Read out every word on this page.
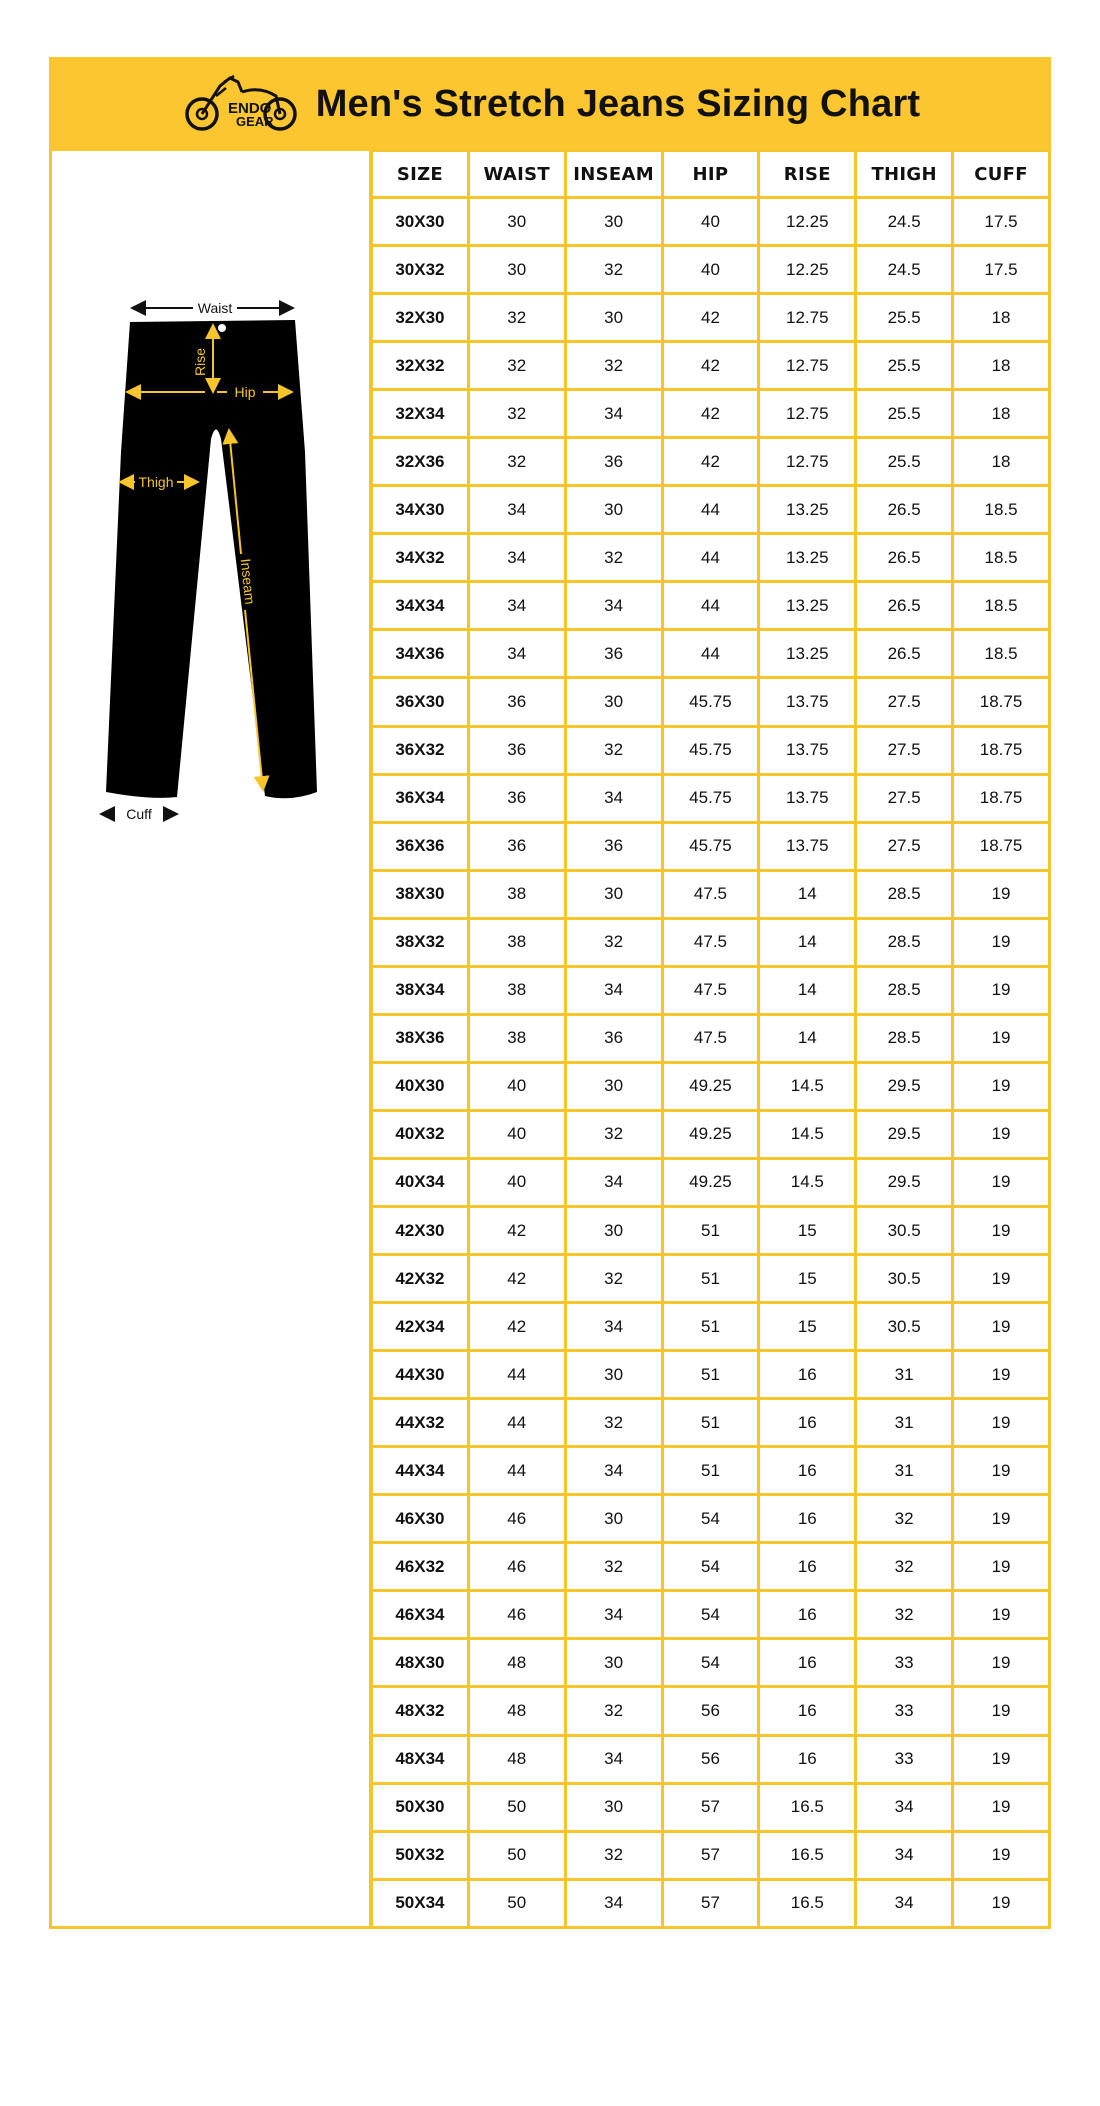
ENDO
GEAR Men's Stretch Jeans Sizing Chart
Waist
Rise
Hip
Thigh
Inseam
Cuff
SIZE	WAIST	INSEAM	HIP	RISE	THIGH	CUFF
30X30	30	30	40	12.25	24.5	17.5
30X32	30	32	40	12.25	24.5	17.5
32X30	32	30	42	12.75	25.5	18
32X32	32	32	42	12.75	25.5	18
32X34	32	34	42	12.75	25.5	18
32X36	32	36	42	12.75	25.5	18
34X30	34	30	44	13.25	26.5	18.5
34X32	34	32	44	13.25	26.5	18.5
34X34	34	34	44	13.25	26.5	18.5
34X36	34	36	44	13.25	26.5	18.5
36X30	36	30	45.75	13.75	27.5	18.75
36X32	36	32	45.75	13.75	27.5	18.75
36X34	36	34	45.75	13.75	27.5	18.75
36X36	36	36	45.75	13.75	27.5	18.75
38X30	38	30	47.5	14	28.5	19
38X32	38	32	47.5	14	28.5	19
38X34	38	34	47.5	14	28.5	19
38X36	38	36	47.5	14	28.5	19
40X30	40	30	49.25	14.5	29.5	19
40X32	40	32	49.25	14.5	29.5	19
40X34	40	34	49.25	14.5	29.5	19
42X30	42	30	51	15	30.5	19
42X32	42	32	51	15	30.5	19
42X34	42	34	51	15	30.5	19
44X30	44	30	51	16	31	19
44X32	44	32	51	16	31	19
44X34	44	34	51	16	31	19
46X30	46	30	54	16	32	19
46X32	46	32	54	16	32	19
46X34	46	34	54	16	32	19
48X30	48	30	54	16	33	19
48X32	48	32	56	16	33	19
48X34	48	34	56	16	33	19
50X30	50	30	57	16.5	34	19
50X32	50	32	57	16.5	34	19
50X34	50	34	57	16.5	34	19
